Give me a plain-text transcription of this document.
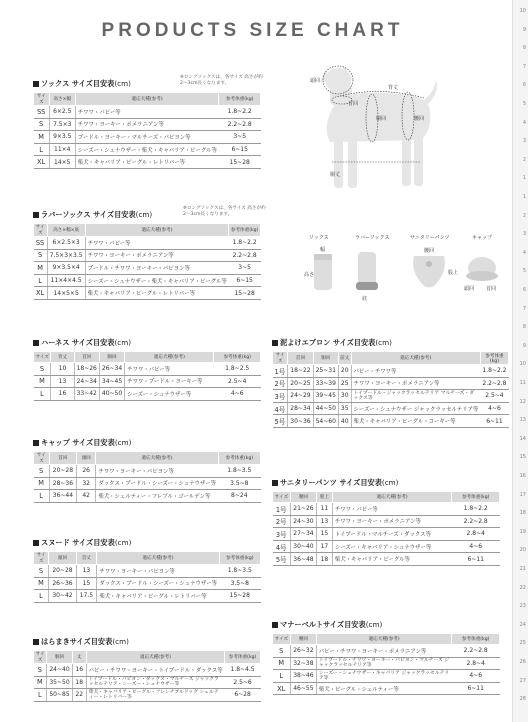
PRODUCTS SIZE CHART
10
9
8
7
6
5
4
3
2
1
1
2
3
4
5
6
7
8
9
10
11
12
13
14
15
16
17
18
19
20
21
22
23
24
25
26
27
28
ソックス サイズ目安表(cm)
サイズ	高さ×幅	適応犬種(参考)	参考体重(kg)
SS	6×2.5	チワワ・パピー等	1.8~2.2
S	7.5×3	チワワ・ヨーキー・ポメラニアン等	2.2~2.8
M	9×3.5	プードル・ヨーキー・マルチーズ・パピヨン等	3~5
L	11×4	シーズー・シュナウザー・柴犬・キャバリア・ビーグル等	6~15
XL	14×5	柴犬・キャバリア・ビーグル・レトリバー等	15~28
※ロングソックスは、各サイズ 高さが約2〜3cm長くなります。
ラバーソックス サイズ目安表(cm)
サイズ	高さ×幅×底	適応犬種(参考)	参考体重(kg)
SS	6×2.5×3	チワワ・パピー等	1.8~2.2
S	7.5×3×3.5	チワワ・ヨーキー・ポメラニアン等	2.2~2.8
M	9×3.5×4	プードル・チワワ・ヨーキー・パピヨン等	3~5
L	11×4×4.5	シーズー・シュナウザー・柴犬・キャバリア・ビーグル等	6~15
XL	14×5×5	柴犬・キャバリア・ビーグル・レトリバー等	15~28
※ロングソックスは、各サイズ 高さが約2〜3cm長くなります。
ハーネス サイズ目安表(cm)
サイズ	背丈	首回	胴回	適応犬種(参考)	参考体重(kg)
S	10	18~26	26~34	チワワ・パピー等	1.8~2.5
M	13	24~34	34~45	チワワ・プードル・ヨーキー等	2.5~4
L	16	33~42	40~50	シーズー・シュナウザー等	4~6
キャップ サイズ目安表(cm)
サイズ	首回	頭回	適応犬種(参考)	参考体重(kg)
S	20~28	26	チワワ・ヨーキー・パピヨン等	1.8~3.5
M	28~36	32	ダックス・プードル・シーズー・シュナウザー等	3.5~8
L	36~44	42	柴犬・シェルティー・フレブル・ゴールデン等	8~24
スヌード サイズ目安表(cm)
サイズ	頭回	首丈	適応犬種(参考)	参考体重(kg)
S	20~28	13	チワワ・ヨーキー・パピヨン等	1.8~3.5
M	26~36	15	ダックス・プードル・シーズー・シュナウザー等	3.5~8
L	30~42	17.5	柴犬・キャバリア・ビーグル・レトリバー等	15~28
はらまきサイズ目安表(cm)
サイズ	胴回	丈	適応犬種(参考)	参考体重(kg)
S	24~40	16	パピー・チワワ・ヨーキー・トイプードル・ダックス等	1.8~4.5
M	35~50	18	トイプードル・パピヨン・ダックス・マルチーズ ジャックラッセルテリア・シーズー・シュナウザー等	2.5~6
L	50~85	22	柴犬・キャバリア・ビーグル・フレンチブルドッグ シェルティー・レトリバー等	6~28
泥よけエプロン サイズ目安表(cm)
サイズ	首回	胴回	前丈	適応犬種(参考)	参考体重(kg)
1号	18~22	25~31	20	パピー・チワワ等	1.8~2.2
2号	20~25	33~39	25	チワワ・ヨーキー・ポメラニアン等	2.2~2.8
3号	24~29	39~45	30	トイプードル・ジャックラッセルテリア マルチーズ・ダックス等	2.5~4
4号	28~34	44~50	35	シーズー・シュナウザー ジャックラッセルテリア等	4~6
5号	30~36	54~60	40	柴犬・キャバリア・ビーグル・コーギー等	6~11
サニタリーパンツ サイズ目安表(cm)
サイズ	腰回	股上	適応犬種(参考)	参考体重(kg)
1号	21~26	11	チワワ・パピー等	1.8~2.2
2号	24~30	13	チワワ・ヨーキー・ポメラニアン等	2.2~2.8
3号	27~34	15	トイプードル・マルチーズ・ダックス等	2.8~4
4号	30~40	17	シーズー・キャバリア・シュナウザー等	4~6
5号	36~48	18	柴犬・キャバリア・ビーグル等	6~11
マナーベルトサイズ目安表(cm)
サイズ	腰回	適応犬種(参考)	参考体重(kg)
S	26~32	パピー・チワワ・ヨーキー・ポメラニアン等	2.2~2.8
M	32~38	トイプードル・チワワ・ヨーキー・パピヨン・マルチーズ ジャックラッセルテリア等	2.8~4
L	38~46	シーズー・シュナウザー・キャバリア ジャックラッセルテリア等	4~6
XL	46~55	柴犬・ビーグル・シェルティー等	6~11
背丈
首回
胴回	腰回
頭回
胴丈
ソックス	ラバーソックス	サニタリーパンツ	キャップ
幅
高さ
底
腰回
股上
頭回 首回
